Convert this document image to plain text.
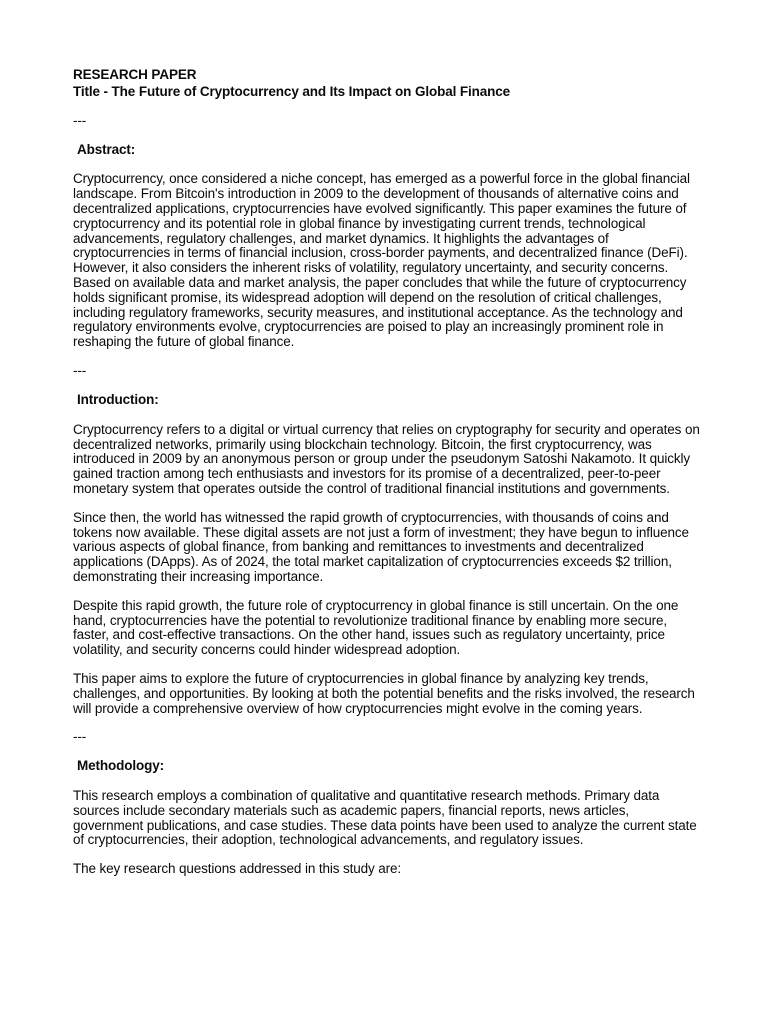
RESEARCH PAPER

Title - The Future of Cryptocurrency and Its Impact on Global Finance

---

Abstract:

Cryptocurrency, once considered a niche concept, has emerged as a powerful force in the global financial landscape. From Bitcoin's introduction in 2009 to the development of thousands of alternative coins and decentralized applications, cryptocurrencies have evolved significantly. This paper examines the future of cryptocurrency and its potential role in global finance by investigating current trends, technological advancements, regulatory challenges, and market dynamics. It highlights the advantages of cryptocurrencies in terms of financial inclusion, cross-border payments, and decentralized finance (DeFi). However, it also considers the inherent risks of volatility, regulatory uncertainty, and security concerns. Based on available data and market analysis, the paper concludes that while the future of cryptocurrency holds significant promise, its widespread adoption will depend on the resolution of critical challenges, including regulatory frameworks, security measures, and institutional acceptance. As the technology and regulatory environments evolve, cryptocurrencies are poised to play an increasingly prominent role in reshaping the future of global finance.

---

Introduction:

Cryptocurrency refers to a digital or virtual currency that relies on cryptography for security and operates on decentralized networks, primarily using blockchain technology. Bitcoin, the first cryptocurrency, was introduced in 2009 by an anonymous person or group under the pseudonym Satoshi Nakamoto. It quickly gained traction among tech enthusiasts and investors for its promise of a decentralized, peer-to-peer monetary system that operates outside the control of traditional financial institutions and governments.

Since then, the world has witnessed the rapid growth of cryptocurrencies, with thousands of coins and tokens now available. These digital assets are not just a form of investment; they have begun to influence various aspects of global finance, from banking and remittances to investments and decentralized applications (DApps). As of 2024, the total market capitalization of cryptocurrencies exceeds $2 trillion, demonstrating their increasing importance.

Despite this rapid growth, the future role of cryptocurrency in global finance is still uncertain. On the one hand, cryptocurrencies have the potential to revolutionize traditional finance by enabling more secure, faster, and cost-effective transactions. On the other hand, issues such as regulatory uncertainty, price volatility, and security concerns could hinder widespread adoption.

This paper aims to explore the future of cryptocurrencies in global finance by analyzing key trends, challenges, and opportunities. By looking at both the potential benefits and the risks involved, the research will provide a comprehensive overview of how cryptocurrencies might evolve in the coming years.

---

Methodology:

This research employs a combination of qualitative and quantitative research methods. Primary data sources include secondary materials such as academic papers, financial reports, news articles, government publications, and case studies. These data points have been used to analyze the current state of cryptocurrencies, their adoption, technological advancements, and regulatory issues.

The key research questions addressed in this study are:
